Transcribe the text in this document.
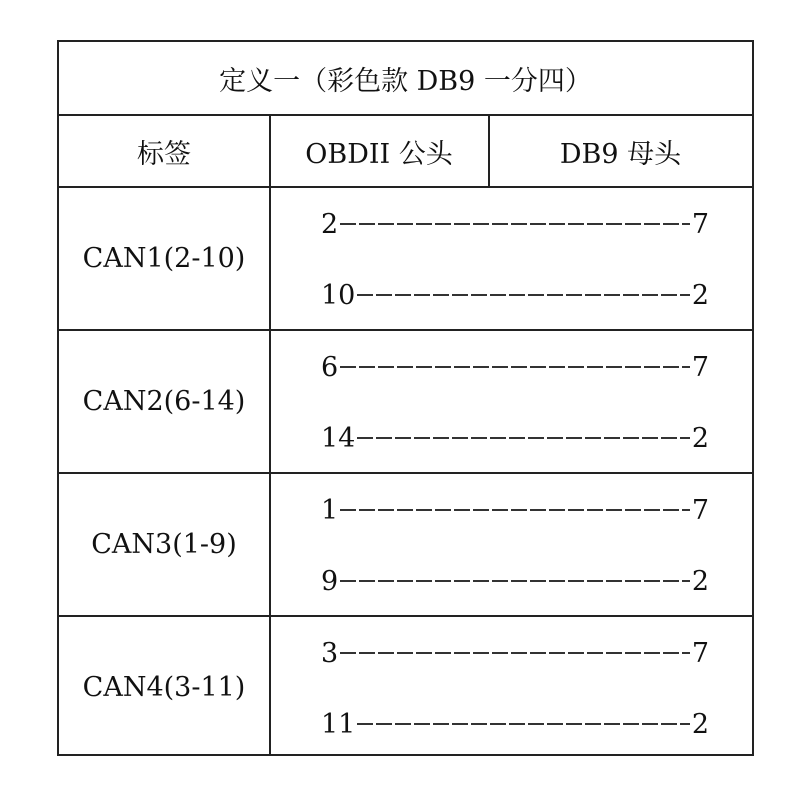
定义一（彩色款 DB9 一分四）
标签	OBDII 公头	DB9 母头
CAN1(2-10)
2	7
10	2
CAN2(6-14)
6	7
14	2
CAN3(1-9)
1	7
9	2
CAN4(3-11)
3	7
11	2
